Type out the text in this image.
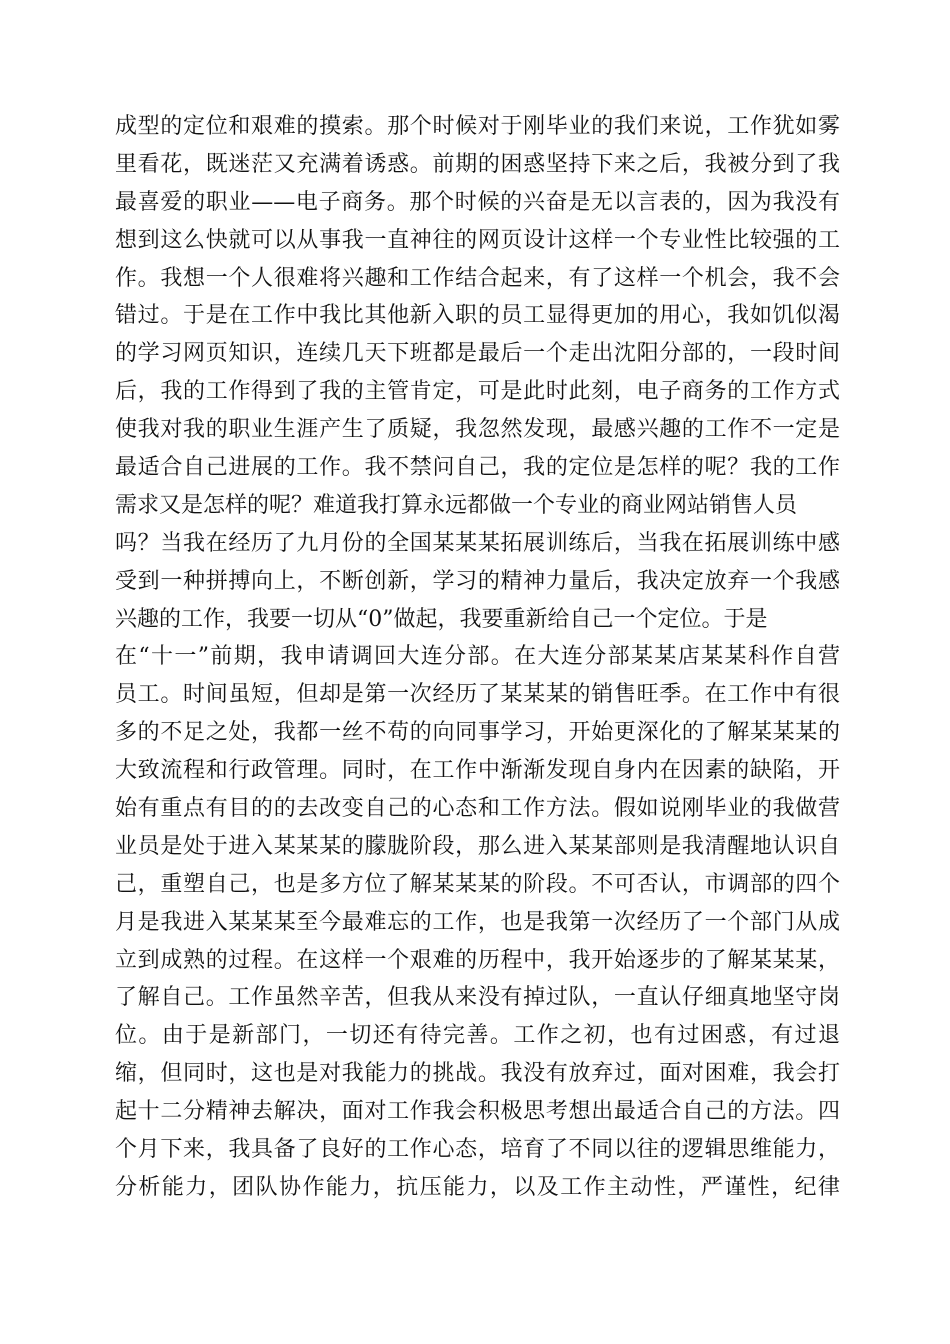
成型的定位和艰难的摸索。那个时候对于刚毕业的我们来说，工作犹如雾
里看花，既迷茫又充满着诱惑。前期的困惑坚持下来之后，我被分到了我
最喜爱的职业——电子商务。那个时候的兴奋是无以言表的，因为我没有
想到这么快就可以从事我一直神往的网页设计这样一个专业性比较强的工
作。我想一个人很难将兴趣和工作结合起来，有了这样一个机会，我不会
错过。于是在工作中我比其他新入职的员工显得更加的用心，我如饥似渴
的学习网页知识，连续几天下班都是最后一个走出沈阳分部的，一段时间
后，我的工作得到了我的主管肯定，可是此时此刻，电子商务的工作方式
使我对我的职业生涯产生了质疑，我忽然发现，最感兴趣的工作不一定是
最适合自己进展的工作。我不禁问自己，我的定位是怎样的呢？我的工作
需求又是怎样的呢？难道我打算永远都做一个专业的商业网站销售人员
吗？当我在经历了九月份的全国某某某拓展训练后，当我在拓展训练中感
受到一种拼搏向上，不断创新，学习的精神力量后，我决定放弃一个我感
兴趣的工作，我要一切从“0”做起，我要重新给自己一个定位。于是
在“十一”前期，我申请调回大连分部。在大连分部某某店某某科作自营
员工。时间虽短，但却是第一次经历了某某某的销售旺季。在工作中有很
多的不足之处，我都一丝不苟的向同事学习，开始更深化的了解某某某的
大致流程和行政管理。同时，在工作中渐渐发现自身内在因素的缺陷，开
始有重点有目的的去改变自己的心态和工作方法。假如说刚毕业的我做营
业员是处于进入某某某的朦胧阶段，那么进入某某部则是我清醒地认识自
己，重塑自己，也是多方位了解某某某的阶段。不可否认，市调部的四个
月是我进入某某某至今最难忘的工作，也是我第一次经历了一个部门从成
立到成熟的过程。在这样一个艰难的历程中，我开始逐步的了解某某某，
了解自己。工作虽然辛苦，但我从来没有掉过队，一直认仔细真地坚守岗
位。由于是新部门，一切还有待完善。工作之初，也有过困惑，有过退
缩，但同时，这也是对我能力的挑战。我没有放弃过，面对困难，我会打
起十二分精神去解决，面对工作我会积极思考想出最适合自己的方法。四
个月下来，我具备了良好的工作心态，培育了不同以往的逻辑思维能力，
分析能力，团队协作能力，抗压能力，以及工作主动性，严谨性，纪律
